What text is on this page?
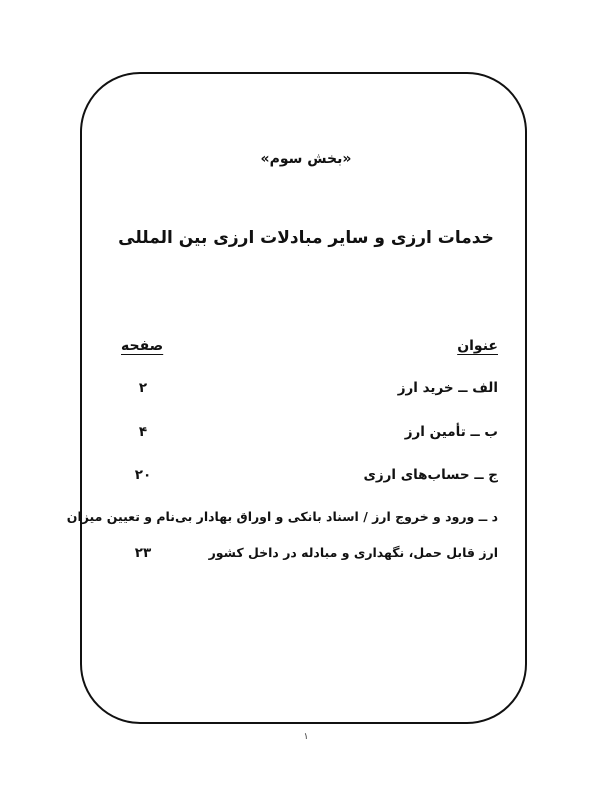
«بخش سوم»
خدمات ارزی و سایر مبادلات ارزی بین المللی
عنوان
صفحه
الف ــ خرید ارز
۲
ب ــ تأمین ارز
۴
ج ــ حساب‌های ارزی
۲۰
د ــ ورود و خروج ارز / اسناد بانکی و اوراق بهادار بی‌نام و تعیین میزان
ارز قابل حمل، نگهداری و مبادله در داخل کشور
۲۳
۱
